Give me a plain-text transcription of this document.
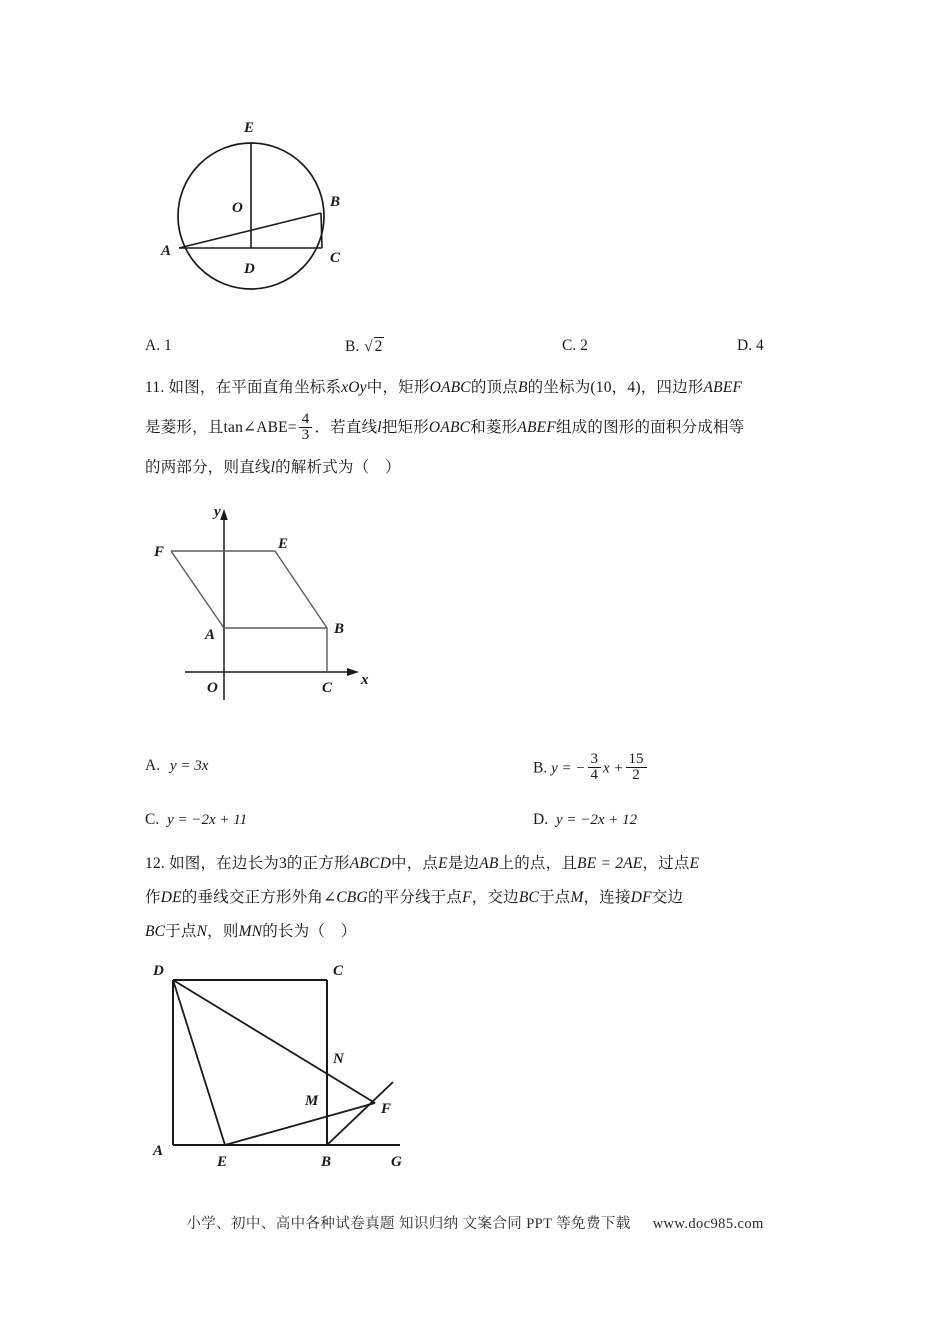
E
B
O
A
D
C
A. 1	B. √ 2	C. 2	D. 4
11. 如图，在平面直角坐标系xOy中，矩形OABC的顶点B的坐标为(10，4)，四边形ABEF
是菱形，且tan∠ABE= $\frac{4}{3}$ ．若直线l把矩形OABC和菱形ABEF组成的图形的面积分成相等
的两部分，则直线l的解析式为（　）
F	E
A	B
C
O
y
x
A. y = 3x	B. y = − $\frac{3}{4}$ $x + \frac{15}{2}$
C. y = −2x + 11	D. y = −2x + 12
12. 如图，在边长为3的正方形ABCD中，点E是边AB上的点，且BE = 2AE，过点E
作DE的垂线交正方形外角∠CBG的平分线于点F，交边BC于点M，连接DF交边
BC于点N，则MN的长为（　）
D	C
N
M	F
A
E	B	G
小学、初中、高中各种试卷真题 知识归纳 文案合同 PPT 等免费下载 www.doc985.com
